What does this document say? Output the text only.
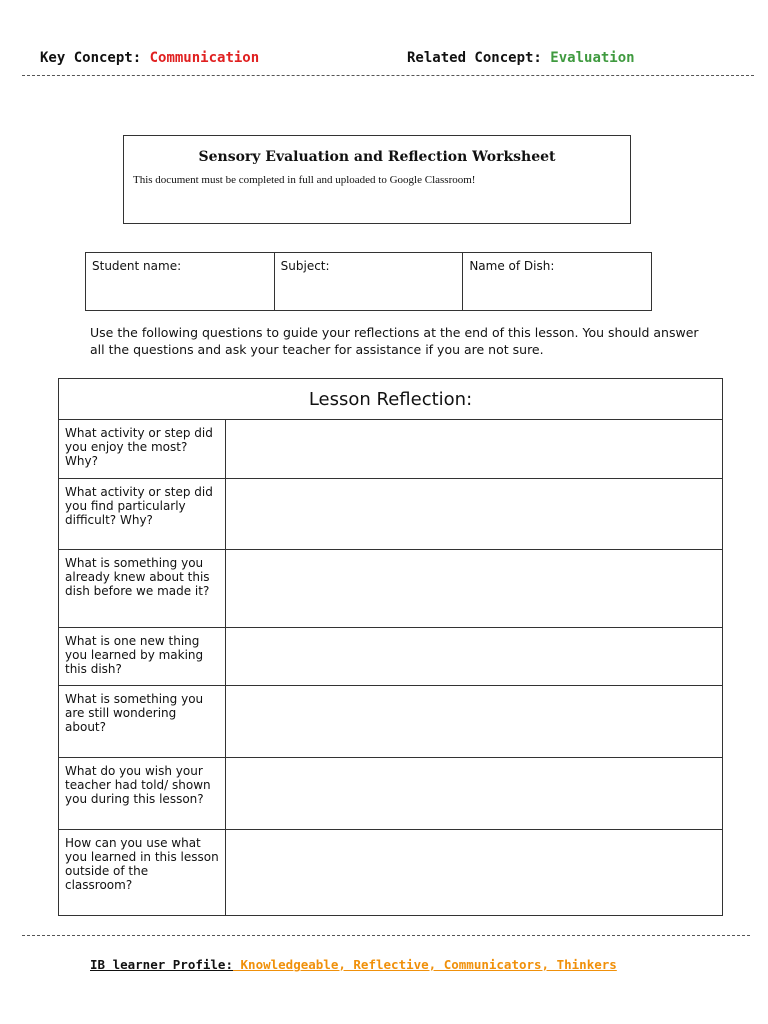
Key Concept: Communication	Related Concept: Evaluation
Sensory Evaluation and Reflection Worksheet
This document must be completed in full and uploaded to Google Classroom!
Student name:	Subject:	Name of Dish:
Use the following questions to guide your reflections at the end of this lesson. You should answer all the questions and ask your teacher for assistance if you are not sure.
Lesson Reflection:	
What activity or step did you enjoy the most? Why?	
What activity or step did you find particularly difficult? Why?	
What is something you already knew about this dish before we made it?	
What is one new thing you learned by making this dish?	
What is something you are still wondering about?	
What do you wish your teacher had told/ shown you during this lesson?	
How can you use what you learned in this lesson outside of the classroom?	
IB learner Profile: Knowledgeable, Reflective, Communicators, Thinkers
